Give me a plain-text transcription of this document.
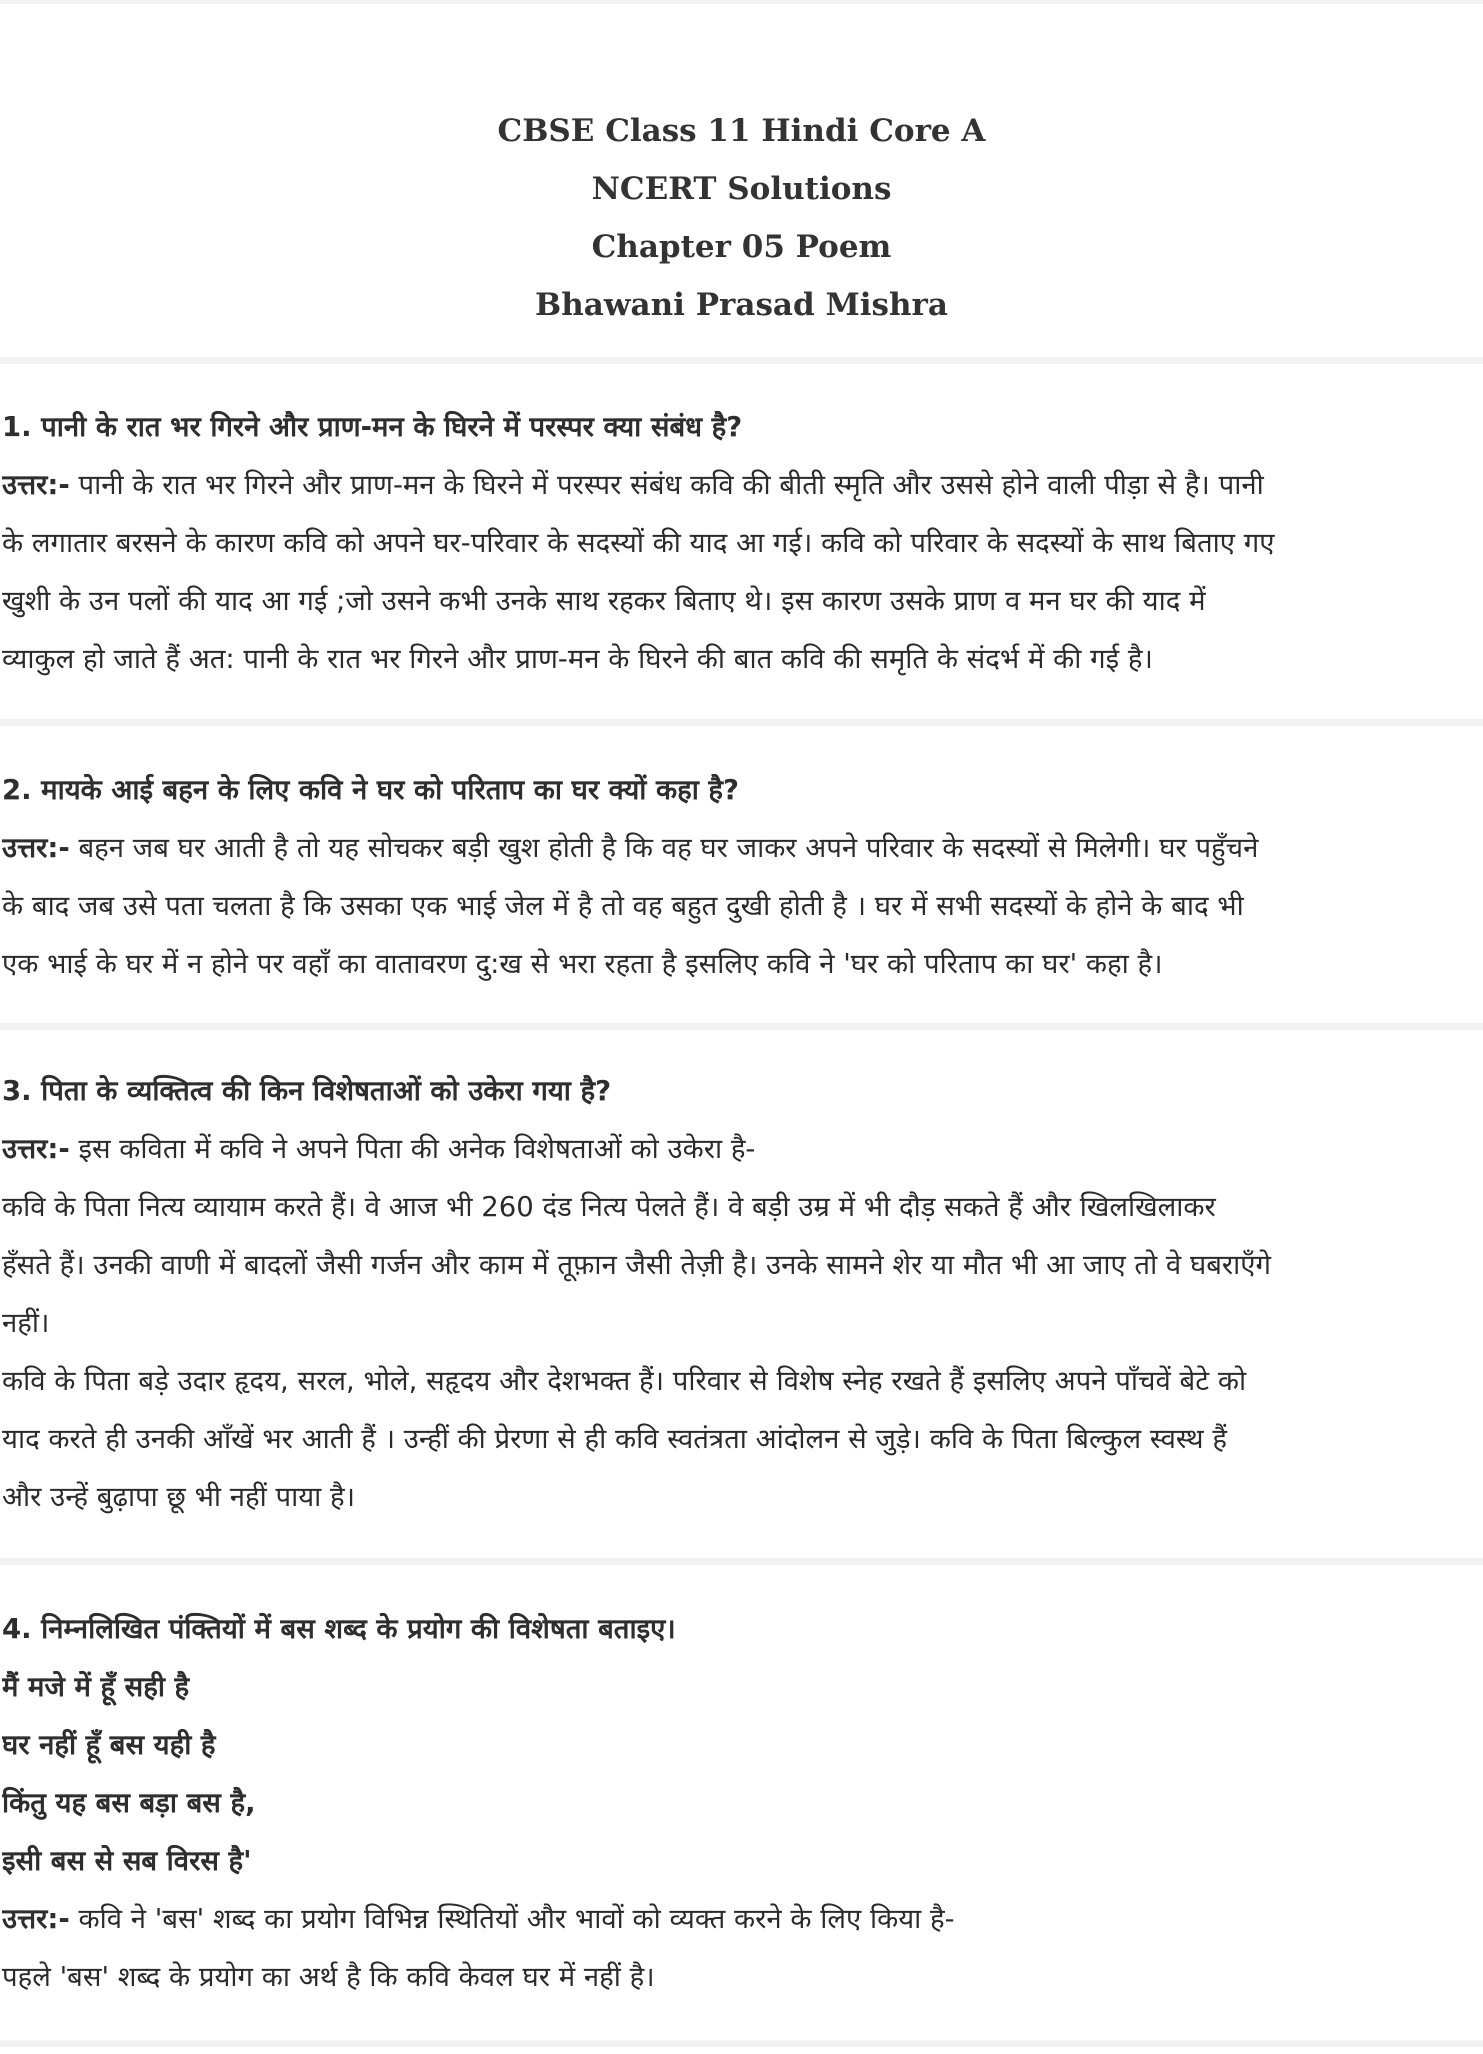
CBSE Class 11 Hindi Core A
NCERT Solutions
Chapter 05 Poem
Bhawani Prasad Mishra
1. पानी के रात भर गिरने और प्राण-मन के घिरने में परस्पर क्या संबंध है?
उत्तर:- पानी के रात भर गिरने और प्राण-मन के घिरने में परस्पर संबंध कवि की बीती स्मृति और उससे होने वाली पीड़ा से है। पानी
के लगातार बरसने के कारण कवि को अपने घर-परिवार के सदस्यों की याद आ गई। कवि को परिवार के सदस्यों के साथ बिताए गए
खुशी के उन पलों की याद आ गई ;जो उसने कभी उनके साथ रहकर बिताए थे। इस कारण उसके प्राण व मन घर की याद में
व्याकुल हो जाते हैं अत: पानी के रात भर गिरने और प्राण-मन के घिरने की बात कवि की समृति के संदर्भ में की गई है।
2. मायके आई बहन के लिए कवि ने घर को परिताप का घर क्यों कहा है?
उत्तर:- बहन जब घर आती है तो यह सोचकर बड़ी खुश होती है कि वह घर जाकर अपने परिवार के सदस्यों से मिलेगी। घर पहुँचने
के बाद जब उसे पता चलता है कि उसका एक भाई जेल में है तो वह बहुत दुखी होती है । घर में सभी सदस्यों के होने के बाद भी
एक भाई के घर में न होने पर वहाँ का वातावरण दु:ख से भरा रहता है इसलिए कवि ने 'घर को परिताप का घर' कहा है।
3. पिता के व्यक्तित्व की किन विशेषताओं को उकेरा गया है?
उत्तर:- इस कविता में कवि ने अपने पिता की अनेक विशेषताओं को उकेरा है-
कवि के पिता नित्य व्यायाम करते हैं। वे आज भी 260 दंड नित्य पेलते हैं। वे बड़ी उम्र में भी दौड़ सकते हैं और खिलखिलाकर
हँसते हैं। उनकी वाणी में बादलों जैसी गर्जन और काम में तूफ़ान जैसी तेज़ी है। उनके सामने शेर या मौत भी आ जाए तो वे घबराएँगे
नहीं।
कवि के पिता बड़े उदार हृदय, सरल, भोले, सहृदय और देशभक्त हैं। परिवार से विशेष स्नेह रखते हैं इसलिए अपने पाँचवें बेटे को
याद करते ही उनकी आँखें भर आती हैं । उन्हीं की प्रेरणा से ही कवि स्वतंत्रता आंदोलन से जुड़े। कवि के पिता बिल्कुल स्वस्थ हैं
और उन्हें बुढ़ापा छू भी नहीं पाया है।
4. निम्नलिखित पंक्तियों में बस शब्द के प्रयोग की विशेषता बताइए।
मैं मजे में हूँ सही है
घर नहीं हूँ बस यही है
किंतु यह बस बड़ा बस है,
इसी बस से सब विरस है'
उत्तर:- कवि ने 'बस' शब्द का प्रयोग विभिन्न स्थितियों और भावों को व्यक्त करने के लिए किया है-
पहले 'बस' शब्द के प्रयोग का अर्थ है कि कवि केवल घर में नहीं है।
